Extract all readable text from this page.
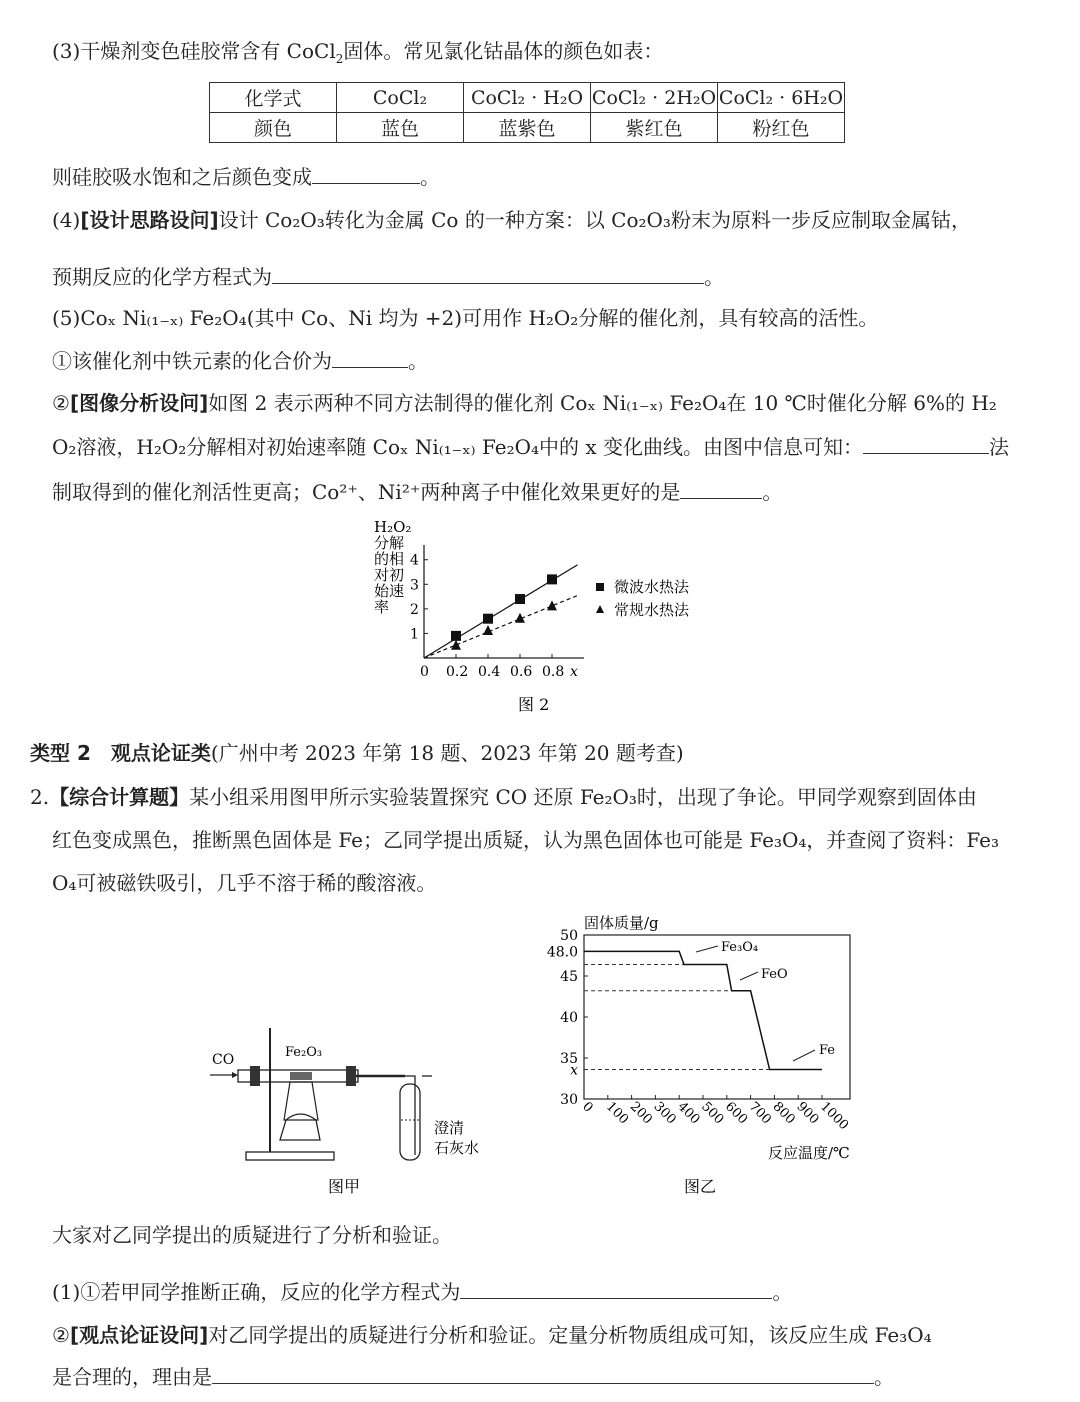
(3)干燥剂变色硅胶常含有 CoCl$_2$固体。常见氯化钴晶体的颜色如表：
化学式	CoCl₂	CoCl₂ · H₂O	CoCl₂ · 2H₂O	CoCl₂ · 6H₂O
颜色	蓝色	蓝紫色	紫红色	粉红色
则硅胶吸水饱和之后颜色变成	。
(4)[设计思路设问]设计 Co₂O₃转化为金属 Co 的一种方案：以 Co₂O₃粉末为原料一步反应制取金属钴，
预期反应的化学方程式为	。
(5)Coₓ Ni₍₁₋ₓ₎ Fe₂O₄(其中 Co、Ni 均为 +2)可用作 H₂O₂分解的催化剂，具有较高的活性。
①该催化剂中铁元素的化合价为	。
②[图像分析设问]如图 2 表示两种不同方法制得的催化剂 Coₓ Ni₍₁₋ₓ₎ Fe₂O₄在 10 ℃时催化分解 6%的 H₂
O₂溶液，H₂O₂分解相对初始速率随 Coₓ Ni₍₁₋ₓ₎ Fe₂O₄中的 x 变化曲线。由图中信息可知：	法
制取得到的催化剂活性更高；Co²⁺、Ni²⁺两种离子中催化效果更好的是	。
H₂O₂
分解
的相
对初
始速
率
1
2
3
4
0 0.2 0.4 0.6 0.8 x
微波水热法
常规水热法
图 2
类型 2　观点论证类(广州中考 2023 年第 18 题、2023 年第 20 题考查)
2.【综合计算题】某小组采用图甲所示实验装置探究 CO 还原 Fe₂O₃时，出现了争论。甲同学观察到固体由
红色变成黑色，推断黑色固体是 Fe；乙同学提出质疑，认为黑色固体也可能是 Fe₃O₄，并查阅了资料：Fe₃
O₄可被磁铁吸引，几乎不溶于稀的酸溶液。
CO	Fe₂O₃
澄清
石灰水
图甲
固体质量/g
50
48.0
45
40
35
x
30 0 100
200
300
400
500
600
700
800
900
1000
Fe₃O₄
FeO
Fe
反应温度/℃
图乙
大家对乙同学提出的质疑进行了分析和验证。
(1)①若甲同学推断正确，反应的化学方程式为	。
②[观点论证设问]对乙同学提出的质疑进行分析和验证。定量分析物质组成可知，该反应生成 Fe₃O₄
是合理的，理由是	。
